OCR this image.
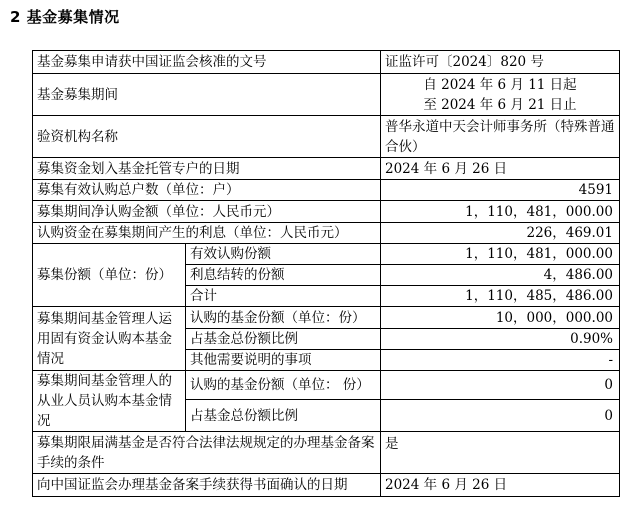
2 基金募集情况
基金募集申请获中国证监会核准的文号		证监许可〔2024〕820 号
基金募集期间		自 2024 年 6 月 11 日起
至 2024 年 6 月 21 日止

验资机构名称		普华永道中天会计师事务所（特殊普通合伙）
募集资金划入基金托管专户的日期		2024 年 6 月 26 日
募集有效认购总户数（单位：户）		4591
募集期间净认购金额（单位：人民币元）		1，110，481，000.00
认购资金在募集期间产生的利息（单位：人民币元）		226，469.01
募集份额（单位：份）	有效认购份额	1，110，481，000.00
	利息结转的份额	4，486.00
	合计	1，110，485，486.00
募集期间基金管理人运用固有资金认购本基金情况	认购的基金份额（单位：份）	10，000，000.00
	占基金总份额比例	0.90%
	其他需要说明的事项	-
募集期间基金管理人的从业人员认购本基金情况	认购的基金份额（单位： 份）	0
	占基金总份额比例	0
募集期限届满基金是否符合法律法规规定的办理基金备案手续的条件		是
向中国证监会办理基金备案手续获得书面确认的日期		2024 年 6 月 26 日
